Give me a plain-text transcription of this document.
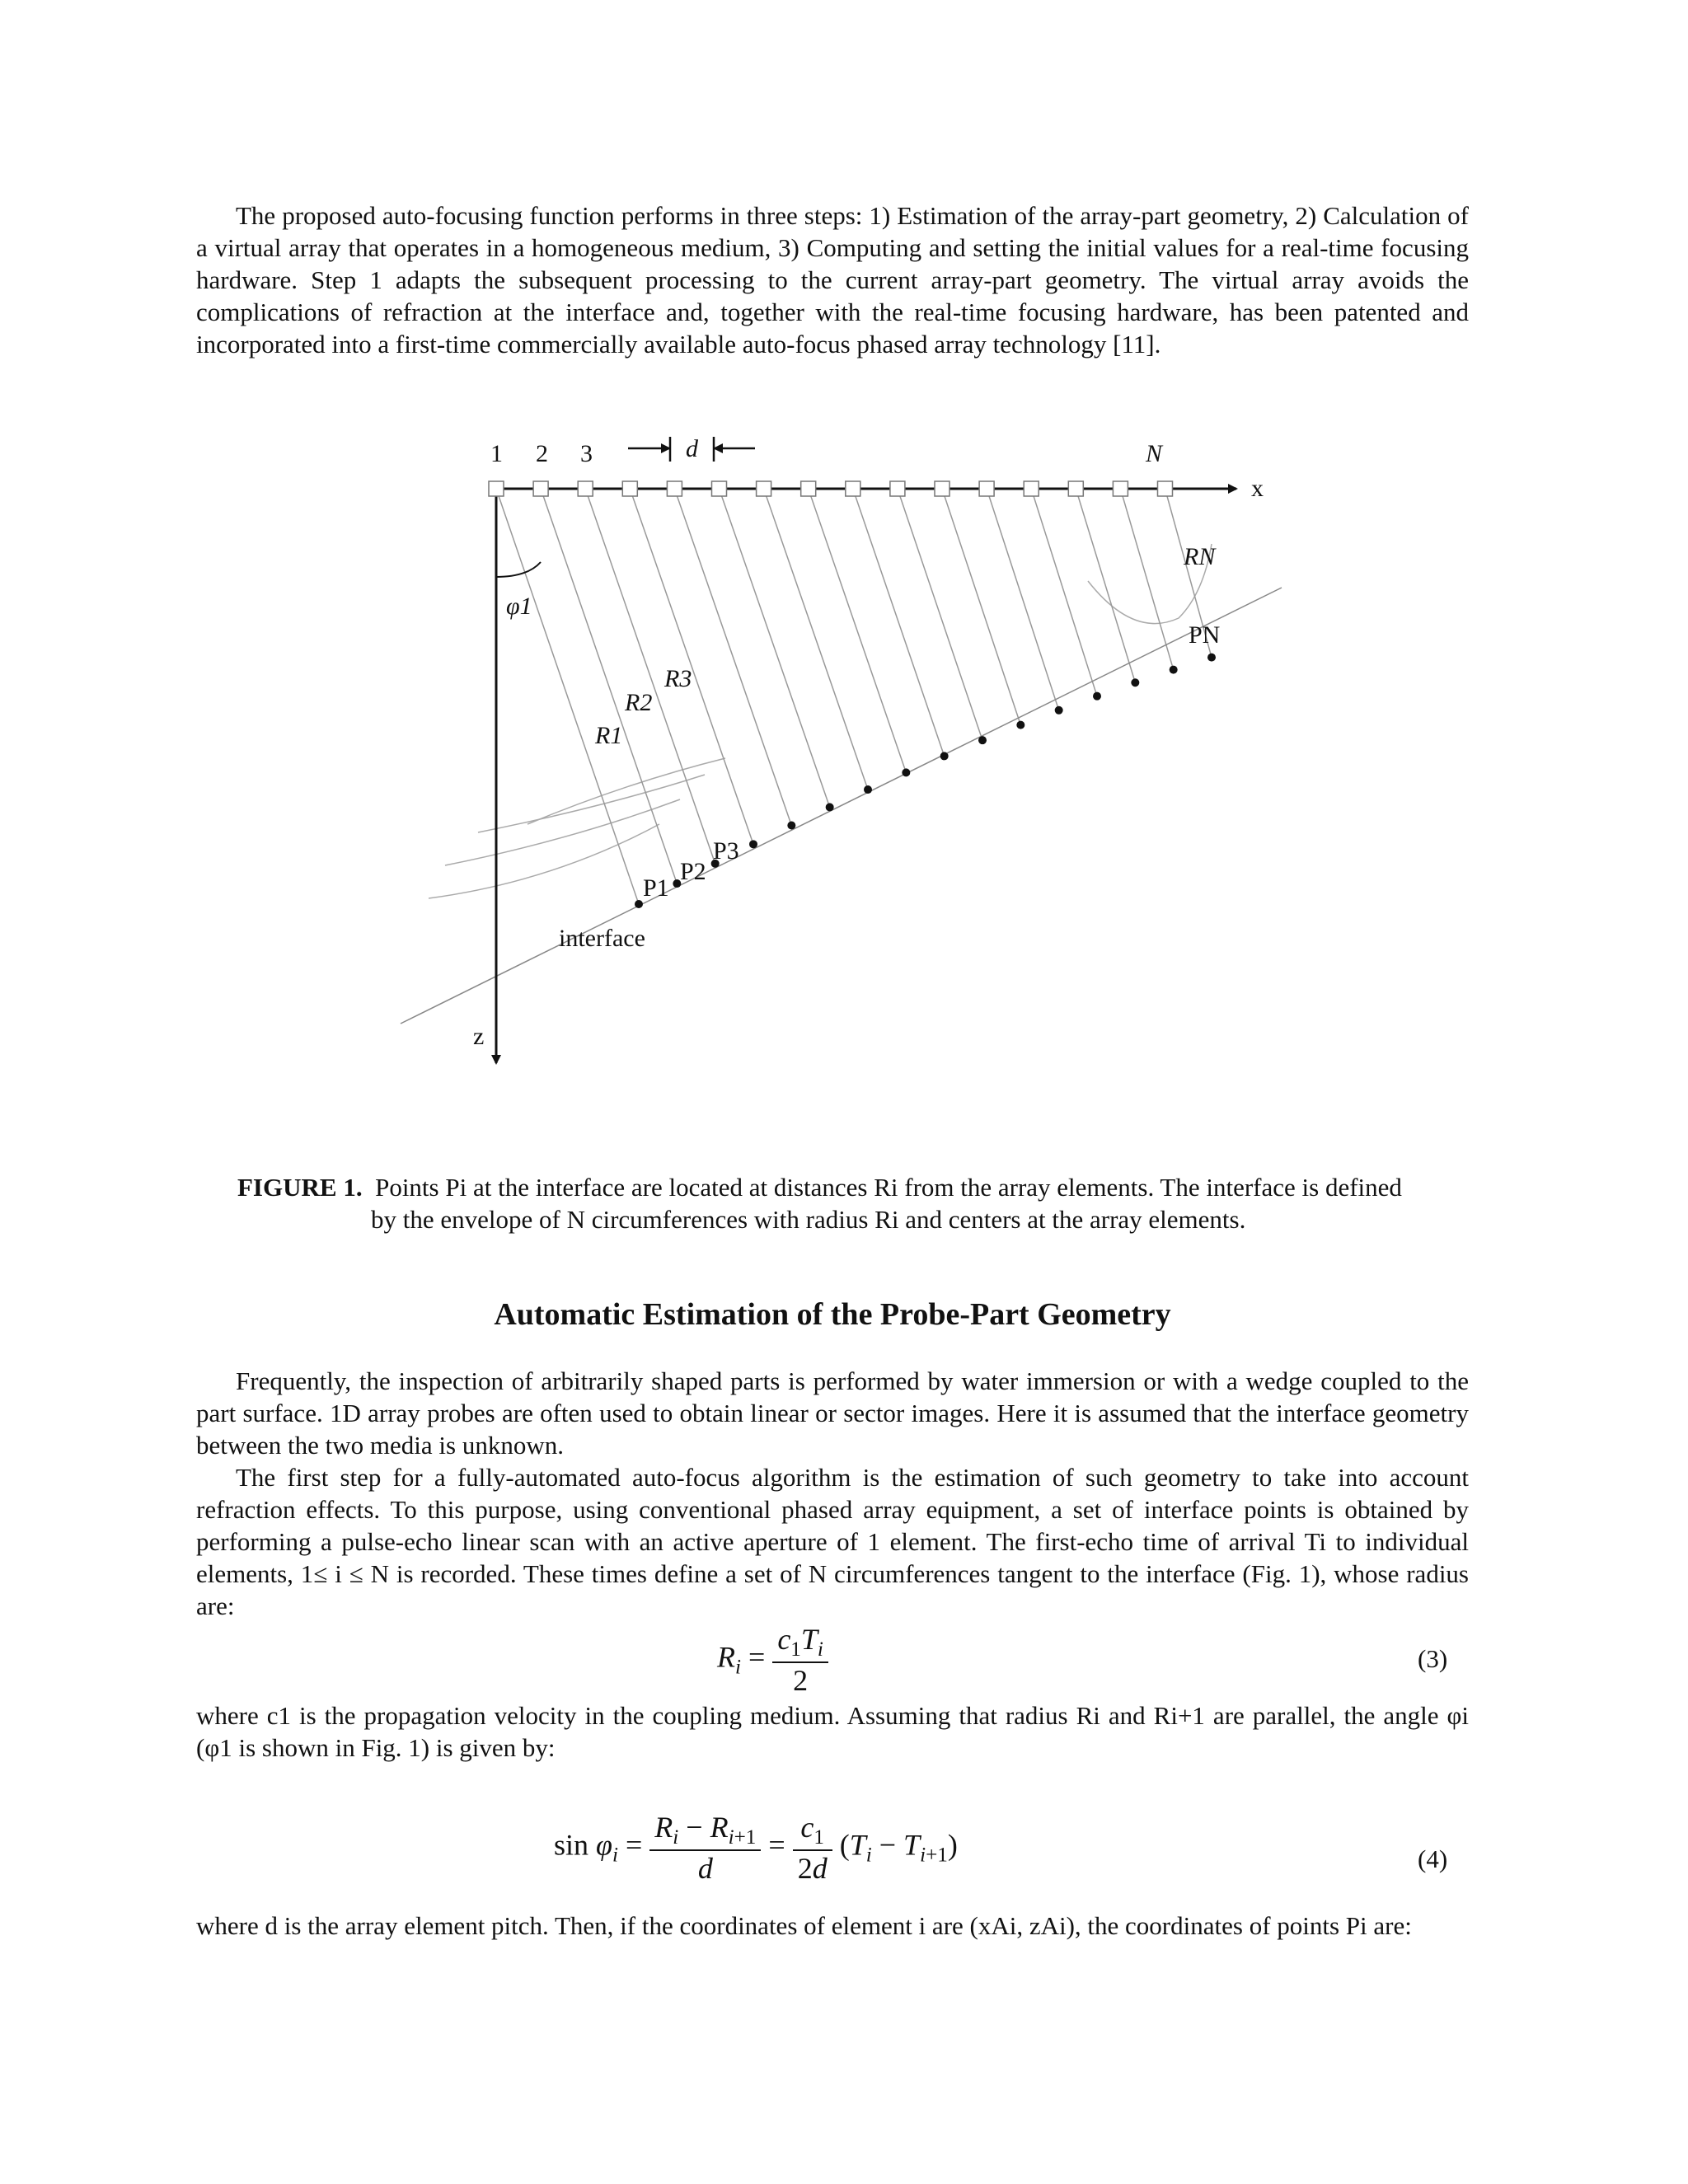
The proposed auto-focusing function performs in three steps: 1) Estimation of the array-part geometry, 2) Calculation of a virtual array that operates in a homogeneous medium, 3) Computing and setting the initial values for a real-time focusing hardware. Step 1 adapts the subsequent processing to the current array-part geometry. The virtual array avoids the complications of refraction at the interface and, together with the real-time focusing hardware, has been patented and incorporated into a first-time commercially available auto-focus phased array technology [11].

1 2 3	N
d
x
z
φ1
R1
R2
R3
RN
P1
P2
P3
PN
interface
FIGURE 1. Points Pi at the interface are located at distances Ri from the array elements. The interface is defined
by the envelope of N circumferences with radius Ri and centers at the array elements.
Automatic Estimation of the Probe-Part Geometry

Frequently, the inspection of arbitrarily shaped parts is performed by water immersion or with a wedge coupled to the part surface. 1D array probes are often used to obtain linear or sector images. Here it is assumed that the interface geometry between the two media is unknown.

The first step for a fully-automated auto-focus algorithm is the estimation of such geometry to take into account refraction effects. To this purpose, using conventional phased array equipment, a set of interface points is obtained by performing a pulse-echo linear scan with an active aperture of 1 element. The first-echo time of arrival Ti to individual elements, 1≤ i ≤ N is recorded. These times define a set of N circumferences tangent to the interface (Fig. 1), whose radius are:

$R_i = \frac{c_1T_i}{2}$	(3)
where c1 is the propagation velocity in the coupling medium. Assuming that radius Ri and Ri+1 are parallel, the angle φi (φ1 is shown in Fig. 1) is given by:
$\sin \varphi_i = \frac{R_i - R_{i+1}}{d} = \frac{c_1}{2d} (T_i - T_{i+1})$	(4)
where d is the array element pitch. Then, if the coordinates of element i are (xAi, zAi), the coordinates of points Pi are:
